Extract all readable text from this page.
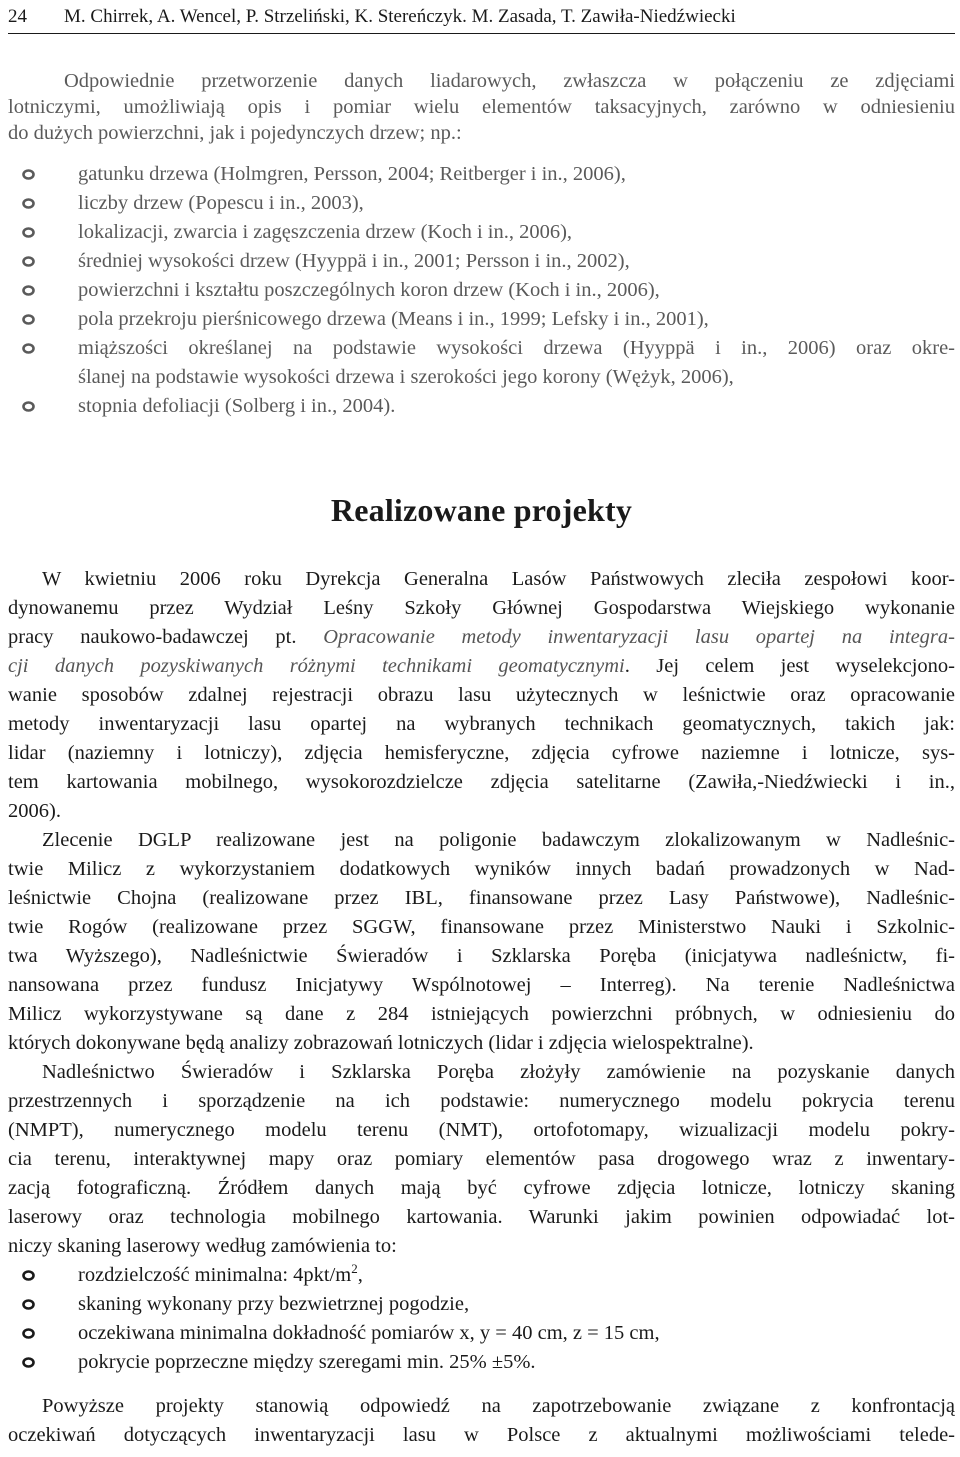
24 M. Chirrek, A. Wencel, P. Strzeliński, K. Stereńczyk. M. Zasada, T. Zawiła-Niedźwiecki
Odpowiednie przetworzenie danych liadarowych, zwłaszcza w połączeniu ze zdjęciami
lotniczymi, umożliwiają opis i pomiar wielu elementów taksacyjnych, zarówno w odniesieniu
do dużych powierzchni, jak i pojedynczych drzew; np.:
gatunku drzewa (Holmgren, Persson, 2004; Reitberger i in., 2006),
liczby drzew (Popescu i in., 2003),
lokalizacji, zwarcia i zagęszczenia drzew (Koch i in., 2006),
średniej wysokości drzew (Hyyppä i in., 2001; Persson i in., 2002),
powierzchni i kształtu poszczególnych koron drzew (Koch i in., 2006),
pola przekroju pierśnicowego drzewa (Means i in., 1999; Lefsky i in., 2001),
miąższości określanej na podstawie wysokości drzewa (Hyyppä i in., 2006) oraz okre-
ślanej na podstawie wysokości drzewa i szerokości jego korony (Wężyk, 2006),
stopnia defoliacji (Solberg i in., 2004).
Realizowane projekty
W kwietniu 2006 roku Dyrekcja Generalna Lasów Państwowych zleciła zespołowi koor-
dynowanemu przez Wydział Leśny Szkoły Głównej Gospodarstwa Wiejskiego wykonanie
pracy naukowo-badawczej pt. Opracowanie metody inwentaryzacji lasu opartej na integra-
cji danych pozyskiwanych różnymi technikami geomatycznymi. Jej celem jest wyselekcjono-
wanie sposobów zdalnej rejestracji obrazu lasu użytecznych w leśnictwie oraz opracowanie
metody inwentaryzacji lasu opartej na wybranych technikach geomatycznych, takich jak:
lidar (naziemny i lotniczy), zdjęcia hemisferyczne, zdjęcia cyfrowe naziemne i lotnicze, sys-
tem kartowania mobilnego, wysokorozdzielcze zdjęcia satelitarne (Zawiła,-Niedźwiecki i in.,
2006).
Zlecenie DGLP realizowane jest na poligonie badawczym zlokalizowanym w Nadleśnic-
twie Milicz z wykorzystaniem dodatkowych wyników innych badań prowadzonych w Nad-
leśnictwie Chojna (realizowane przez IBL, finansowane przez Lasy Państwowe), Nadleśnic-
twie Rogów (realizowane przez SGGW, finansowane przez Ministerstwo Nauki i Szkolnic-
twa Wyższego), Nadleśnictwie Świeradów i Szklarska Poręba (inicjatywa nadleśnictw, fi-
nansowana przez fundusz Inicjatywy Wspólnotowej – Interreg). Na terenie Nadleśnictwa
Milicz wykorzystywane są dane z 284 istniejących powierzchni próbnych, w odniesieniu do
których dokonywane będą analizy zobrazowań lotniczych (lidar i zdjęcia wielospektralne).
Nadleśnictwo Świeradów i Szklarska Poręba złożyły zamówienie na pozyskanie danych
przestrzennych i sporządzenie na ich podstawie: numerycznego modelu pokrycia terenu
(NMPT), numerycznego modelu terenu (NMT), ortofotomapy, wizualizacji modelu pokry-
cia terenu, interaktywnej mapy oraz pomiary elementów pasa drogowego wraz z inwentary-
zacją fotograficzną. Źródłem danych mają być cyfrowe zdjęcia lotnicze, lotniczy skaning
laserowy oraz technologia mobilnego kartowania. Warunki jakim powinien odpowiadać lot-
niczy skaning laserowy według zamówienia to:
rozdzielczość minimalna: $4pkt/m^2$,
skaning wykonany przy bezwietrznej pogodzie,
oczekiwana minimalna dokładność pomiarów x, y = 40 cm, z = 15 cm,
pokrycie poprzeczne między szeregami min. 25% ±5%.
Powyższe projekty stanowią odpowiedź na zapotrzebowanie związane z konfrontacją
oczekiwań dotyczących inwentaryzacji lasu w Polsce z aktualnymi możliwościami telede-
